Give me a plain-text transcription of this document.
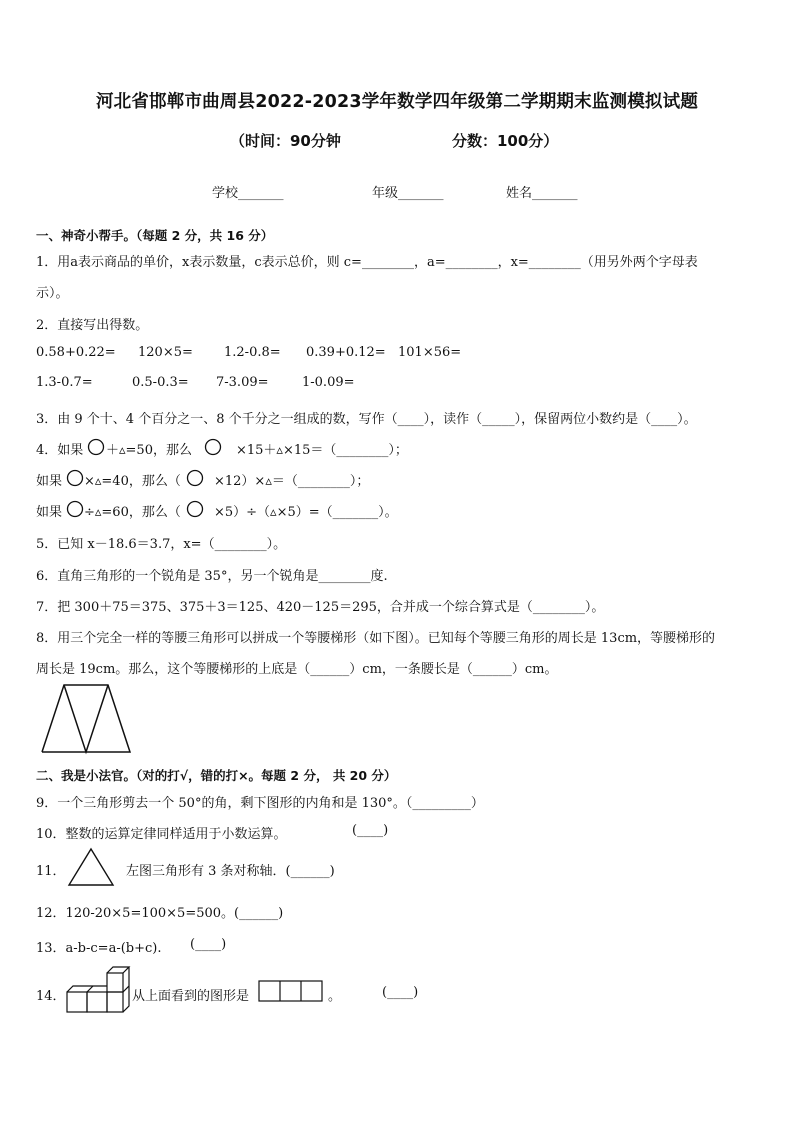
河北省邯郸市曲周县2022-2023学年数学四年级第二学期期末监测模拟试题
（时间：90分钟	分数：100分）
学校_______	年级_______	姓名_______
一、神奇小帮手。（每题 2 分，共 16 分）
1．用a表示商品的单价，x表示数量，c表示总价，则 c=________，a=________，x=________（用另外两个字母表
示）。
2．直接写出得数。
0.58+0.22= 120×5= 1.2-0.8= 0.39+0.12= 101×56=
1.3-0.7=	0.5-0.3= 7-3.09=	1-0.09=
3．由 9 个十、4 个百分之一、8 个千分之一组成的数，写作（____），读作（_____），保留两位小数约是（____）。
4．如果 ＋▵=50，那么	×15＋▵×15＝（________）；
如果 ×▵=40，那么（	×12）×▵＝（________）；
如果 ÷▵=60，那么（	×5）÷（▵×5）=（_______）。
5．已知 x－18.6＝3.7，x=（________）。
6．直角三角形的一个锐角是 35°，另一个锐角是________度.
7．把 300＋75＝375、375＋3＝125、420－125＝295，合并成一个综合算式是（________）。
8．用三个完全一样的等腰三角形可以拼成一个等腰梯形（如下图）。已知每个等腰三角形的周长是 13cm，等腰梯形的
周长是 19cm。那么，这个等腰梯形的上底是（______）cm，一条腰长是（______）cm。
二、我是小法官。（对的打√，错的打×。每题 2 分， 共 20 分）
9．一个三角形剪去一个 50°的角，剩下图形的内角和是 130°。（_________）
10．整数的运算定律同样适用于小数运算。	(____)
11．	左图三角形有 3 条对称轴．(______)
12．120-20×5=100×5=500。(______)
13．a-b-c=a-(b+c). (____)
14．	从上面看到的图形是	。	(____)
